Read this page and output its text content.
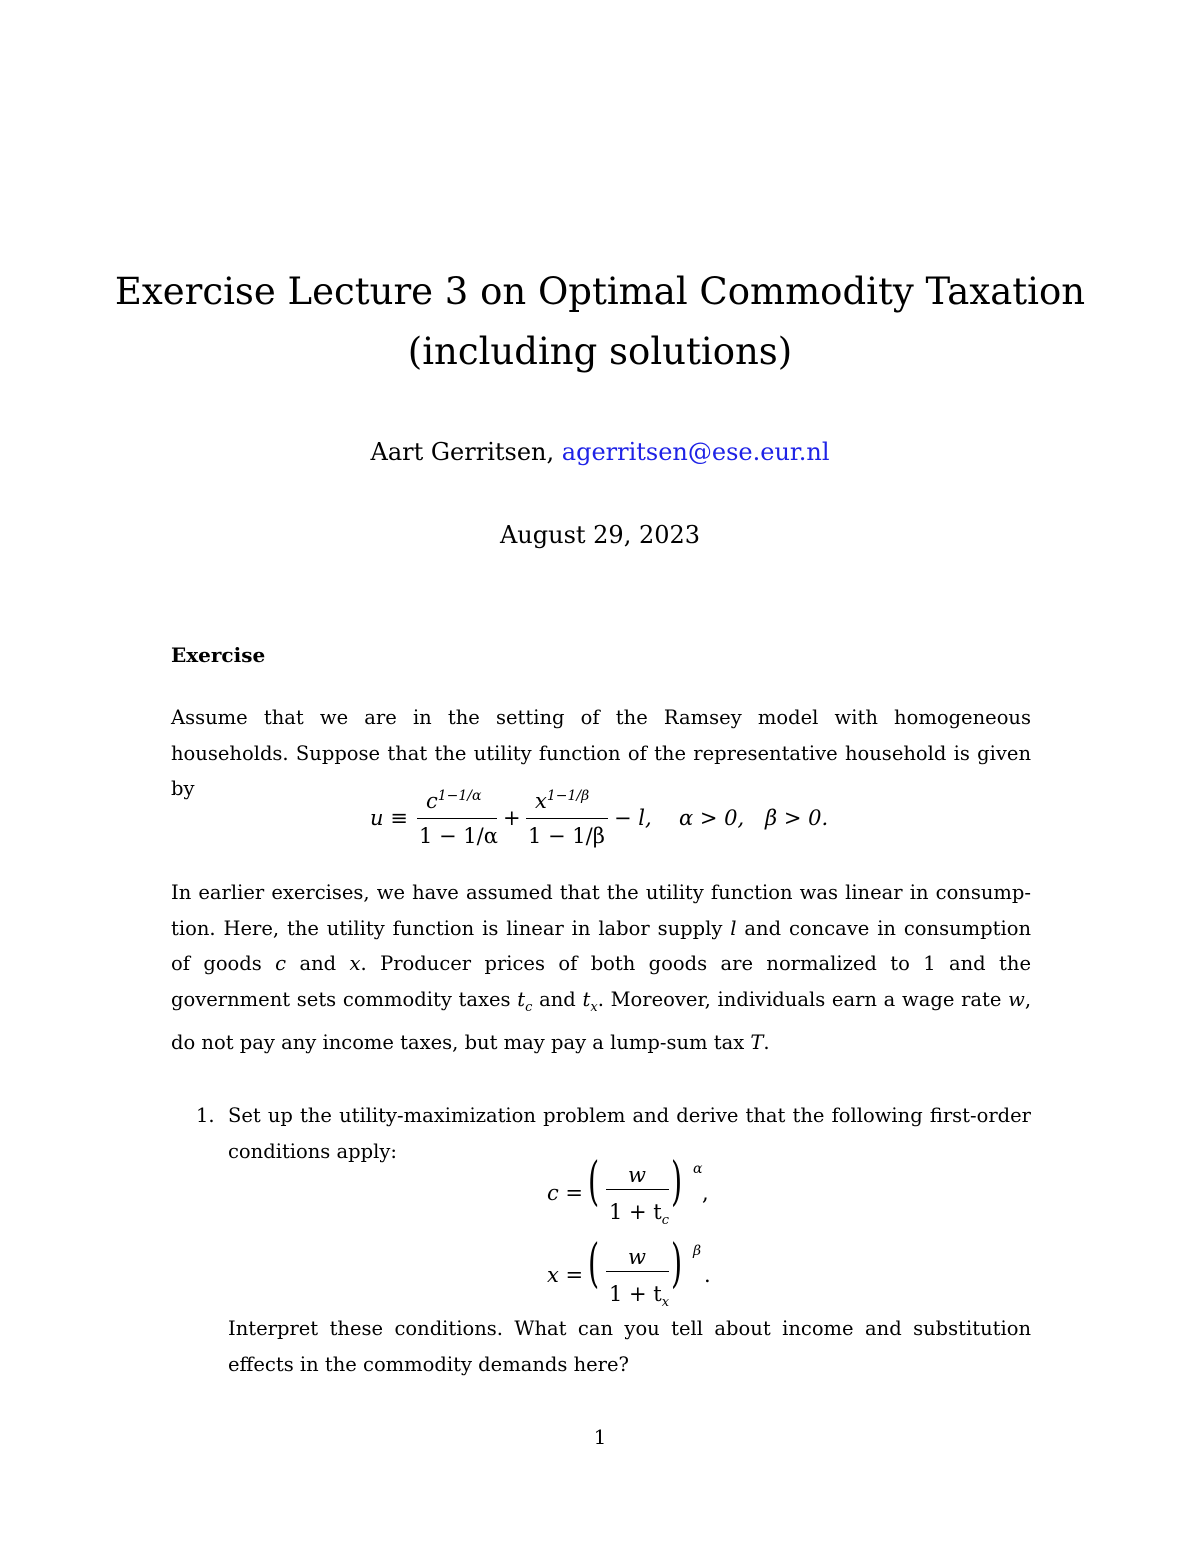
Exercise Lecture 3 on Optimal Commodity Taxation
(including solutions)
Aart Gerritsen, agerritsen@ese.eur.nl
August 29, 2023
Exercise
Assume that we are in the setting of the Ramsey model with homogeneous households. Suppose that the utility function of the representative household is given by
u ≡
$c^{1-1/\alpha}$
1 − 1/α
+
$x^{1-1/\beta}$
1 − 1/β
− l, α > 0, β > 0.
In earlier exercises, we have assumed that the utility function was linear in consump-tion. Here, the utility function is linear in labor supply l and concave in consumption of goods c and x. Producer prices of both goods are normalized to 1 and the government sets commodity taxes $t_c$ and $t_x$. Moreover, individuals earn a wage rate w, do not pay any income taxes, but may pay a lump-sum tax T.
1. Set up the utility-maximization problem and derive that the following first-order conditions apply:
c = ( w
$1 + t_c$
) α
,
x = ( w
$1 + t_x$
) β
.
Interpret these conditions. What can you tell about income and substitution effects in the commodity demands here?
1
